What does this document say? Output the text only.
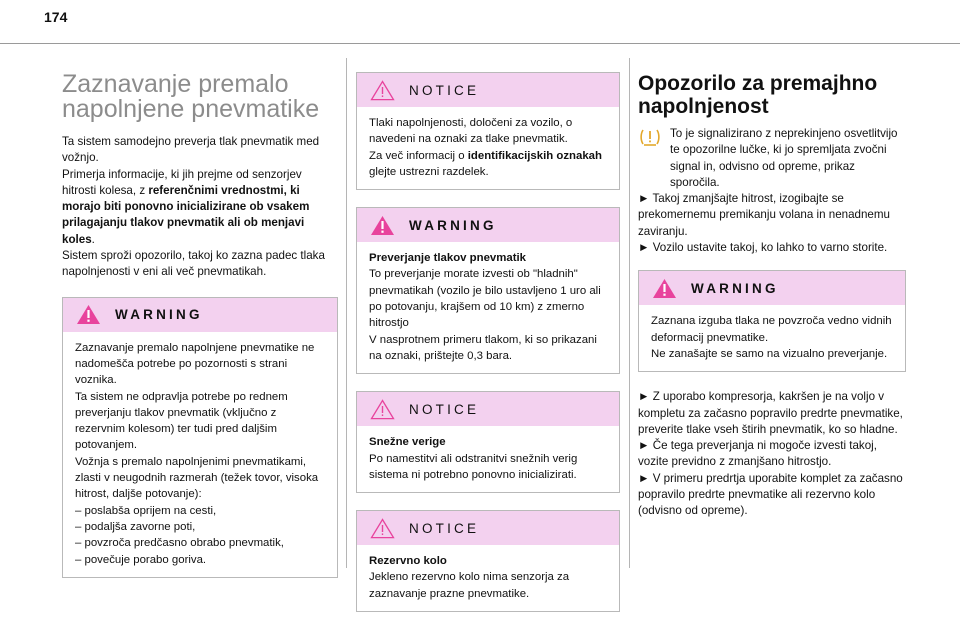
174
Zaznavanje premalo napolnjene pnevmatike

Ta sistem samodejno preverja tlak pnevmatik med vožnjo.
Primerja informacije, ki jih prejme od senzorjev hitrosti kolesa, z referenčnimi vrednostmi, ki morajo biti ponovno inicializirane ob vsakem prilagajanju tlakov pnevmatik ali ob menjavi koles.
Sistem sproži opozorilo, takoj ko zazna padec tlaka napolnjenosti v eni ali več pnevmatikah.

WARNING
Zaznavanje premalo napolnjene pnevmatike ne nadomešča potrebe po pozornosti s strani voznika.
Ta sistem ne odpravlja potrebe po rednem preverjanju tlakov pnevmatik (vključno z rezervnim kolesom) ter tudi pred daljšim potovanjem.
Vožnja s premalo napolnjenimi pnevmatikami, zlasti v neugodnih razmerah (težek tovor, visoka hitrost, dalјše potovanje):
– poslabša oprijem na cesti,
– podaljša zavorne poti,
– povzroča predčasno obrabo pnevmatik,
– povečuje porabo goriva.
NOTICE
Tlaki napolnjenosti, določeni za vozilo, o navedeni na oznaki za tlake pnevmatik.
Za več informacij o identifikacijskih oznakah glejte ustrezni razdelek.
WARNING
Preverjanje tlakov pnevmatik
To preverjanje morate izvesti ob "hladnih" pnevmatikah (vozilo je bilo ustavljeno 1 uro ali po potovanju, krajšem od 10 km) z zmerno hitrostjo
V nasprotnem primeru tlakom, ki so prikazani na oznaki, prištejte 0,3 bara.
NOTICE
Snežne verige
Po namestitvi ali odstranitvi snežnih verig sistema ni potrebno ponovno inicializirati.
NOTICE
Rezervno kolo
Jekleno rezervno kolo nima senzorja za zaznavanje prazne pnevmatike.
Opozorilo za premajhno napolnjenost
To je signalizirano z neprekinjeno osvetlitvijo te opozorilne lučke, ki jo spremljata zvočni signal in, odvisno od opreme, prikaz sporočila.
► Takoj zmanjšajte hitrost, izogibajte se prekomernemu premikanju volana in nenadnemu zaviranju.
► Vozilo ustavite takoj, ko lahko to varno storite.
WARNING
Zaznana izguba tlaka ne povzroča vedno vidnih deformacij pnevmatike.
Ne zanašajte se samo na vizualno preverjanje.
► Z uporabo kompresorja, kakršen je na voljo v kompletu za začasno popravilo predrte pnevmatike, preverite tlake vseh štirih pnevmatik, ko so hladne.
► Če tega preverjanja ni mogoče izvesti takoj, vozite previdno z zmanjšano hitrostjo.
► V primeru predrtja uporabite komplet za začasno popravilo predrte pnevmatike ali rezervno kolo (odvisno od opreme).
